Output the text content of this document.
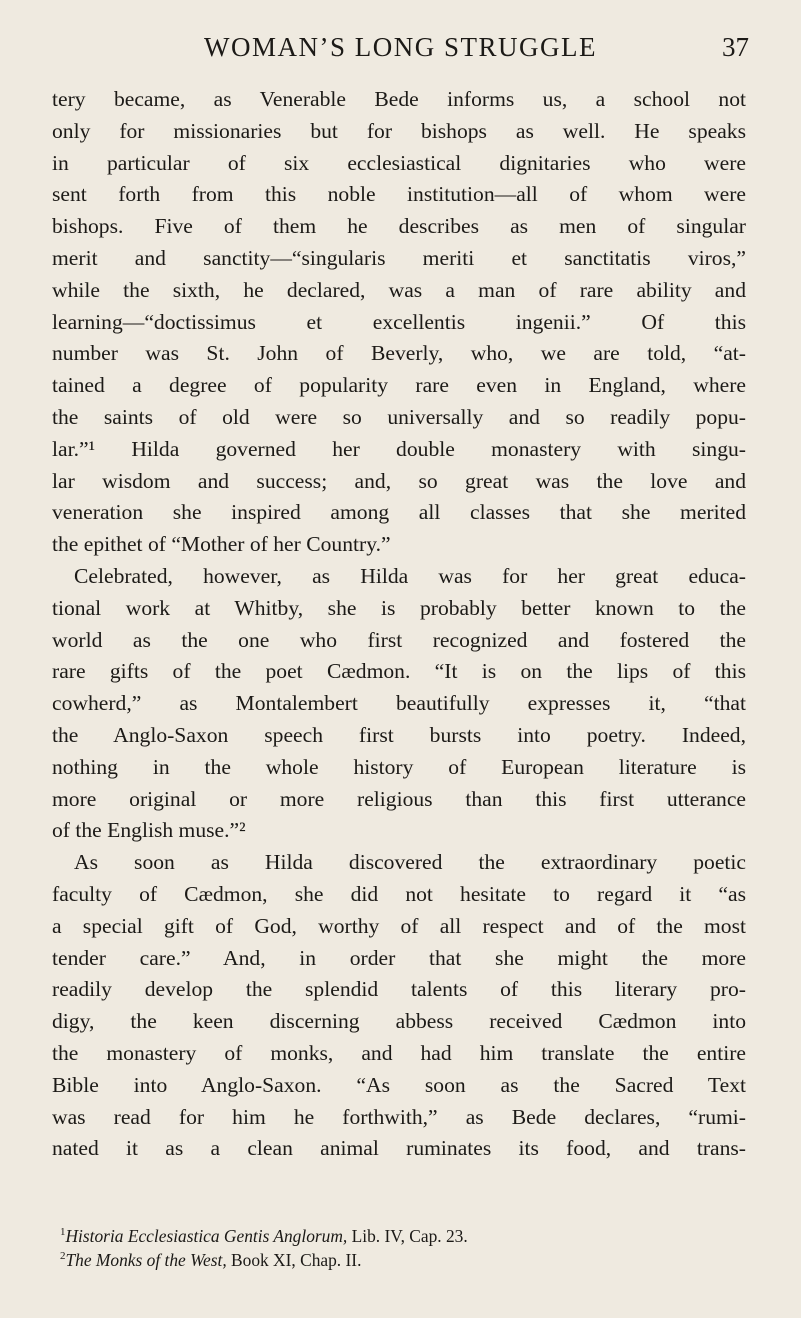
WOMAN’S LONG STRUGGLE	37
tery became, as Venerable Bede informs us, a school not
only for missionaries but for bishops as well. He speaks
in particular of six ecclesiastical dignitaries who were
sent forth from this noble institution—all of whom were
bishops. Five of them he describes as men of singular
merit and sanctity—“singularis meriti et sanctitatis viros,”
while the sixth, he declared, was a man of rare ability and
learning—“doctissimus et excellentis ingenii.” Of this
number was St. John of Beverly, who, we are told, “at-
tained a degree of popularity rare even in England, where
the saints of old were so universally and so readily popu-
lar.”¹ Hilda governed her double monastery with singu-
lar wisdom and success; and, so great was the love and
veneration she inspired among all classes that she merited
the epithet of “Mother of her Country.”
Celebrated, however, as Hilda was for her great educa-
tional work at Whitby, she is probably better known to the
world as the one who first recognized and fostered the
rare gifts of the poet Cædmon. “It is on the lips of this
cowherd,” as Montalembert beautifully expresses it, “that
the Anglo-Saxon speech first bursts into poetry. Indeed,
nothing in the whole history of European literature is
more original or more religious than this first utterance
of the English muse.”²
As soon as Hilda discovered the extraordinary poetic
faculty of Cædmon, she did not hesitate to regard it “as
a special gift of God, worthy of all respect and of the most
tender care.” And, in order that she might the more
readily develop the splendid talents of this literary pro-
digy, the keen discerning abbess received Cædmon into
the monastery of monks, and had him translate the entire
Bible into Anglo-Saxon. “As soon as the Sacred Text
was read for him he forthwith,” as Bede declares, “rumi-
nated it as a clean animal ruminates its food, and trans-
$^1$Historia Ecclesiastica Gentis Anglorum, Lib. IV, Cap. 23.
$^2$The Monks of the West, Book XI, Chap. II.
